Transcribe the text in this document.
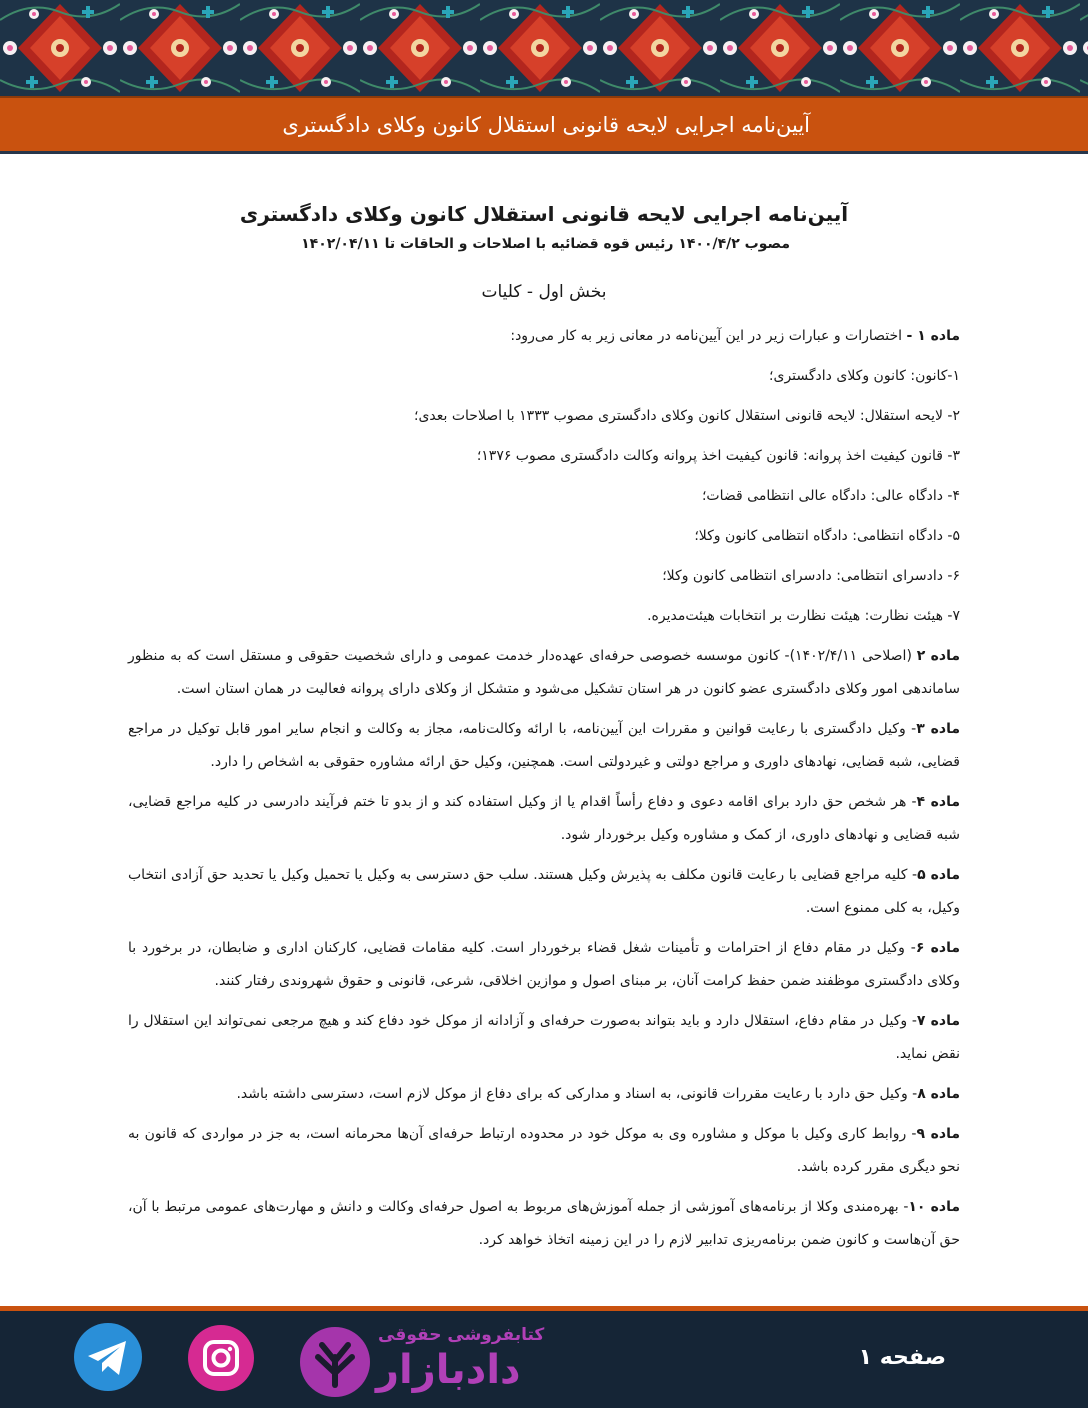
آیین‌نامه اجرایی لایحه قانونی استقلال کانون وکلای دادگستری
آیین‌نامه اجرایی لایحه قانونی استقلال کانون وکلای دادگستری
مصوب ۱۴۰۰/۴/۲ رئیس قوه قضائیه با اصلاحات و الحاقات تا ۱۴۰۲/۰۴/۱۱
بخش اول - کلیات

ماده ۱ - اختصارات و عبارات زیر در این آیین‌نامه در معانی زیر به کار می‌رود:

۱-کانون: کانون وکلای دادگستری؛

۲- لایحه استقلال: لایحه قانونی استقلال کانون وکلای دادگستری مصوب ۱۳۳۳ با اصلاحات بعدی؛

۳- قانون کیفیت اخذ پروانه: قانون کیفیت اخذ پروانه وکالت دادگستری مصوب ۱۳۷۶؛

۴- دادگاه عالی: دادگاه عالی انتظامی قضات؛

۵- دادگاه انتظامی: دادگاه انتظامی کانون وکلا؛

۶- دادسرای انتظامی: دادسرای انتظامی کانون وکلا؛

۷- هیئت نظارت: هیئت نظارت بر انتخابات هیئت‌مدیره.

ماده ۲ (اصلاحی ۱۴۰۲/۴/۱۱)- کانون موسسه خصوصی حرفه‌ای عهده‌دار خدمت عمومی و دارای شخصیت حقوقی و مستقل است که به منظور ساماندهی امور وکلای دادگستری عضو کانون در هر استان تشکیل می‌شود و متشکل از وکلای دارای پروانه فعالیت در همان استان است.

ماده ۳- وکیل دادگستری با رعایت قوانین و مقررات این آیین‌نامه، با ارائه وکالت‌نامه، مجاز به وکالت و انجام سایر امور قابل توکیل در مراجع قضایی، شبه قضایی، نهادهای داوری و مراجع دولتی و غیردولتی است. همچنین، وکیل حق ارائه مشاوره حقوقی به اشخاص را دارد.

ماده ۴- هر شخص حق دارد برای اقامه دعوی و دفاع رأساً اقدام یا از وکیل استفاده کند و از بدو تا ختم فرآیند دادرسی در کلیه مراجع قضایی، شبه قضایی و نهادهای داوری، از کمک و مشاوره وکیل برخوردار شود.

ماده ۵- کلیه مراجع قضایی با رعایت قانون مکلف به پذیرش وکیل هستند. سلب حق دسترسی به وکیل یا تحمیل وکیل یا تحدید حق آزادی انتخاب وکیل، به کلی ممنوع است.

ماده ۶- وکیل در مقام دفاع از احترامات و تأمینات شغل قضاء برخوردار است. کلیه مقامات قضایی، کارکنان اداری و ضابطان، در برخورد با وکلای دادگستری موظفند ضمن حفظ کرامت آنان، بر مبنای اصول و موازین اخلاقی، شرعی، قانونی و حقوق شهروندی رفتار کنند.

ماده ۷- وکیل در مقام دفاع، استقلال دارد و باید بتواند به‌صورت حرفه‌ای و آزادانه از موکل خود دفاع کند و هیچ مرجعی نمی‌تواند این استقلال را نقض نماید.

ماده ۸- وکیل حق دارد با رعایت مقررات قانونی، به اسناد و مدارکی که برای دفاع از موکل لازم است، دسترسی داشته باشد.

ماده ۹- روابط کاری وکیل با موکل و مشاوره وی به موکل خود در محدوده ارتباط حرفه‌ای آن‌ها محرمانه است، به جز در مواردی که قانون به نحو دیگری مقرر کرده باشد.

ماده ۱۰- بهره‌مندی وکلا از برنامه‌های آموزشی از جمله آموزش‌های مربوط به اصول حرفه‌ای وکالت و دانش و مهارت‌های عمومی مرتبط با آن، حق آن‌هاست و کانون ضمن برنامه‌ریزی تدابیر لازم را در این زمینه اتخاذ خواهد کرد.

صفحه ۱
کتابفروشی حقوقی
دادبازار
